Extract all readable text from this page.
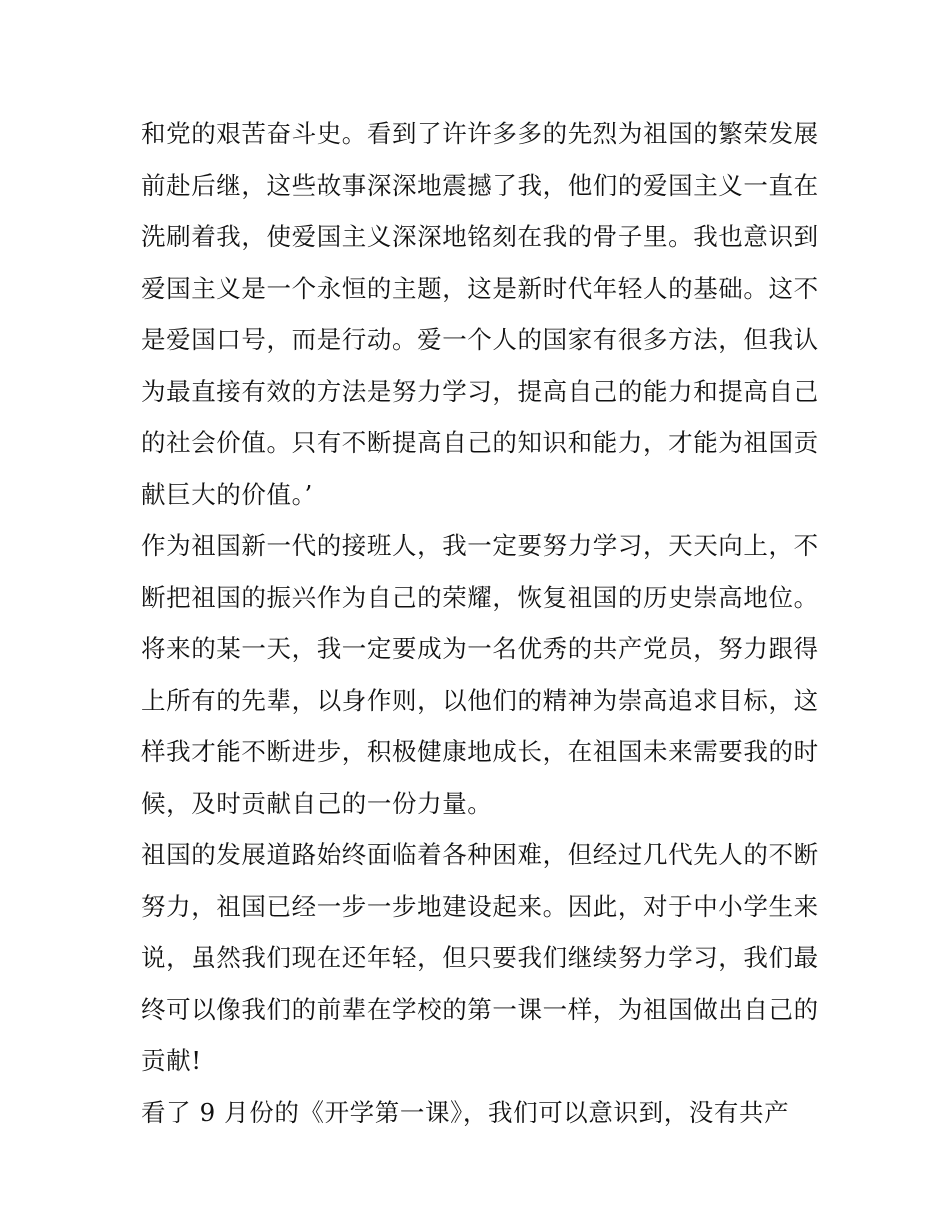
和党的艰苦奋斗史。看到了许许多多的先烈为祖国的繁荣发展
前赴后继，这些故事深深地震撼了我，他们的爱国主义一直在
洗刷着我，使爱国主义深深地铭刻在我的骨子里。我也意识到
爱国主义是一个永恒的主题，这是新时代年轻人的基础。这不
是爱国口号，而是行动。爱一个人的国家有很多方法，但我认
为最直接有效的方法是努力学习，提高自己的能力和提高自己
的社会价值。只有不断提高自己的知识和能力，才能为祖国贡
献巨大的价值。’
作为祖国新一代的接班人，我一定要努力学习，天天向上，不
断把祖国的振兴作为自己的荣耀，恢复祖国的历史崇高地位。
将来的某一天，我一定要成为一名优秀的共产党员，努力跟得
上所有的先辈，以身作则，以他们的精神为崇高追求目标，这
样我才能不断进步，积极健康地成长，在祖国未来需要我的时
候，及时贡献自己的一份力量。
祖国的发展道路始终面临着各种困难，但经过几代先人的不断
努力，祖国已经一步一步地建设起来。因此，对于中小学生来
说，虽然我们现在还年轻，但只要我们继续努力学习，我们最
终可以像我们的前辈在学校的第一课一样，为祖国做出自己的
贡献!
看了 9 月份的《开学第一课》，我们可以意识到，没有共产
